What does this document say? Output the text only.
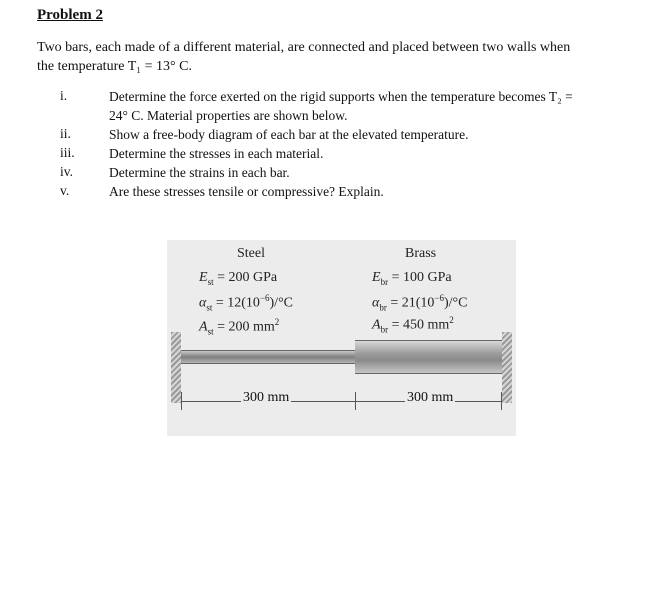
Problem 2
Two bars, each made of a different material, are connected and placed between two walls when
the temperature T₁ = 13° C.
i.	Determine the force exerted on the rigid supports when the temperature becomes T₂ =
24° C. Material properties are shown below.
ii.	Show a free-body diagram of each bar at the elevated temperature.
iii.	Determine the stresses in each material.
iv.	Determine the strains in each bar.
v.	Are these stresses tensile or compressive? Explain.
Steel
$E_{st} = 200$ GPa
$\alpha_{st} = 12(10^{-6})/^\circ C$
$A_{st} = 200$ $mm^2$
Brass
$E_{br} = 100$ GPa
$\alpha_{br} = 21(10^{-6})/^\circ C$
$A_{br} = 450$ $mm^2$
300 mm	300 mm
